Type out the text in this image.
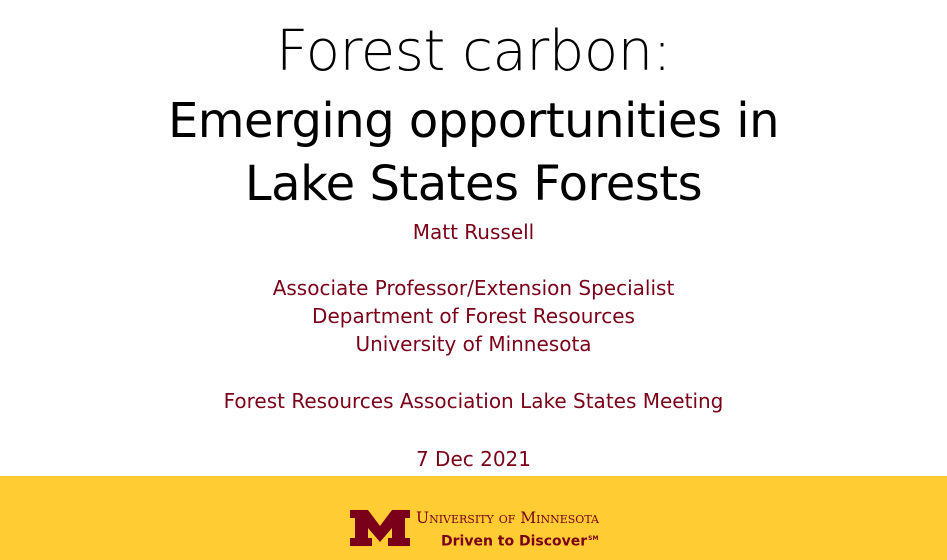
Forest carbon:
Emerging opportunities in
Lake States Forests
Matt Russell
Associate Professor/Extension Specialist
Department of Forest Resources
University of Minnesota
Forest Resources Association Lake States Meeting
7 Dec 2021
University of Minnesota
Driven to Discover℠
